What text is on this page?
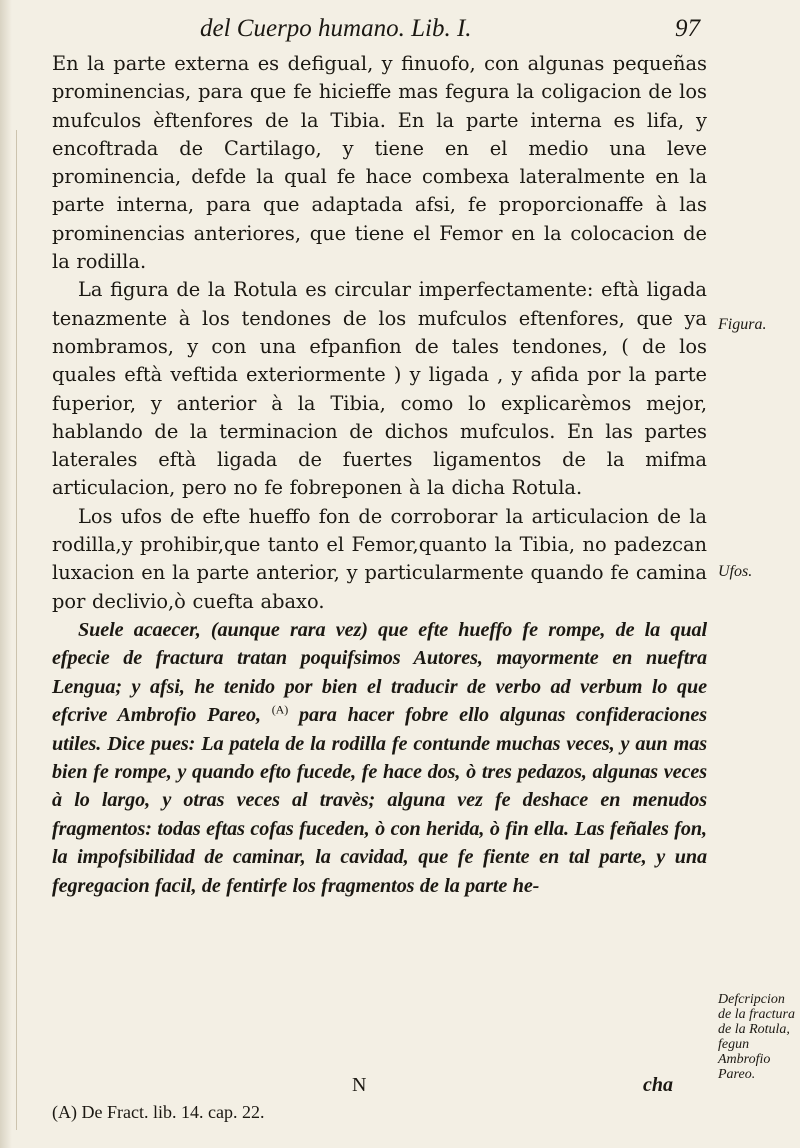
del Cuerpo humano. Lib. I.	97

En la parte externa es defigual, y finuofo, con algunas pequeñas prominencias, para que fe hicieffe mas fegura la coligacion de los mufculos èftenfores de la Tibia. En la parte interna es lifa, y encoftrada de Cartilago, y tiene en el medio una leve prominencia, defde la qual fe hace combexa lateralmente en la parte interna, para que adaptada afsi, fe proporcionaffe à las prominencias anteriores, que tiene el Femor en la colocacion de la rodilla.

La figura de la Rotula es circular imperfectamente: eftà ligada tenazmente à los tendones de los mufculos eftenfores, que ya nombramos, y con una efpanfion de tales tendones, ( de los quales eftà veftida exteriormente ) y ligada , y afida por la parte fuperior, y anterior à la Tibia, como lo explicarèmos mejor, hablando de la terminacion de dichos mufculos. En las partes laterales eftà ligada de fuertes ligamentos de la mifma articulacion, pero no fe fobreponen à la dicha Rotula.

Los ufos de efte hueffo fon de corroborar la articulacion de la rodilla,y prohibir,que tanto el Femor,quanto la Tibia, no padezcan luxacion en la parte anterior, y particularmente quando fe camina por declivio,ò cuefta abaxo.

Suele acaecer, (aunque rara vez) que efte hueffo fe rompe, de la qual efpecie de fractura tratan poquifsimos Autores, mayormente en nueftra Lengua; y afsi, he tenido por bien el traducir de verbo ad verbum lo que efcrive Ambrofio Pareo, $^{(A)}$ para hacer fobre ello algunas confideraciones utiles. Dice pues: La patela de la rodilla fe contunde muchas veces, y aun mas bien fe rompe, y quando efto fucede, fe hace dos, ò tres pedazos, algunas veces à lo largo, y otras veces al travès; alguna vez fe deshace en menudos fragmentos: todas eftas cofas fuceden, ò con herida, ò fin ella. Las feñales fon, la impofsibilidad de caminar, la cavidad, que fe fiente en tal parte, y una fegregacion facil, de fentirfe los fragmentos de la parte he-

Figura.
Ufos.
Defcripcion de la fractura de la Rotula, fegun Ambrofio Pareo.
N	cha
(A) De Fract. lib. 14. cap. 22.
